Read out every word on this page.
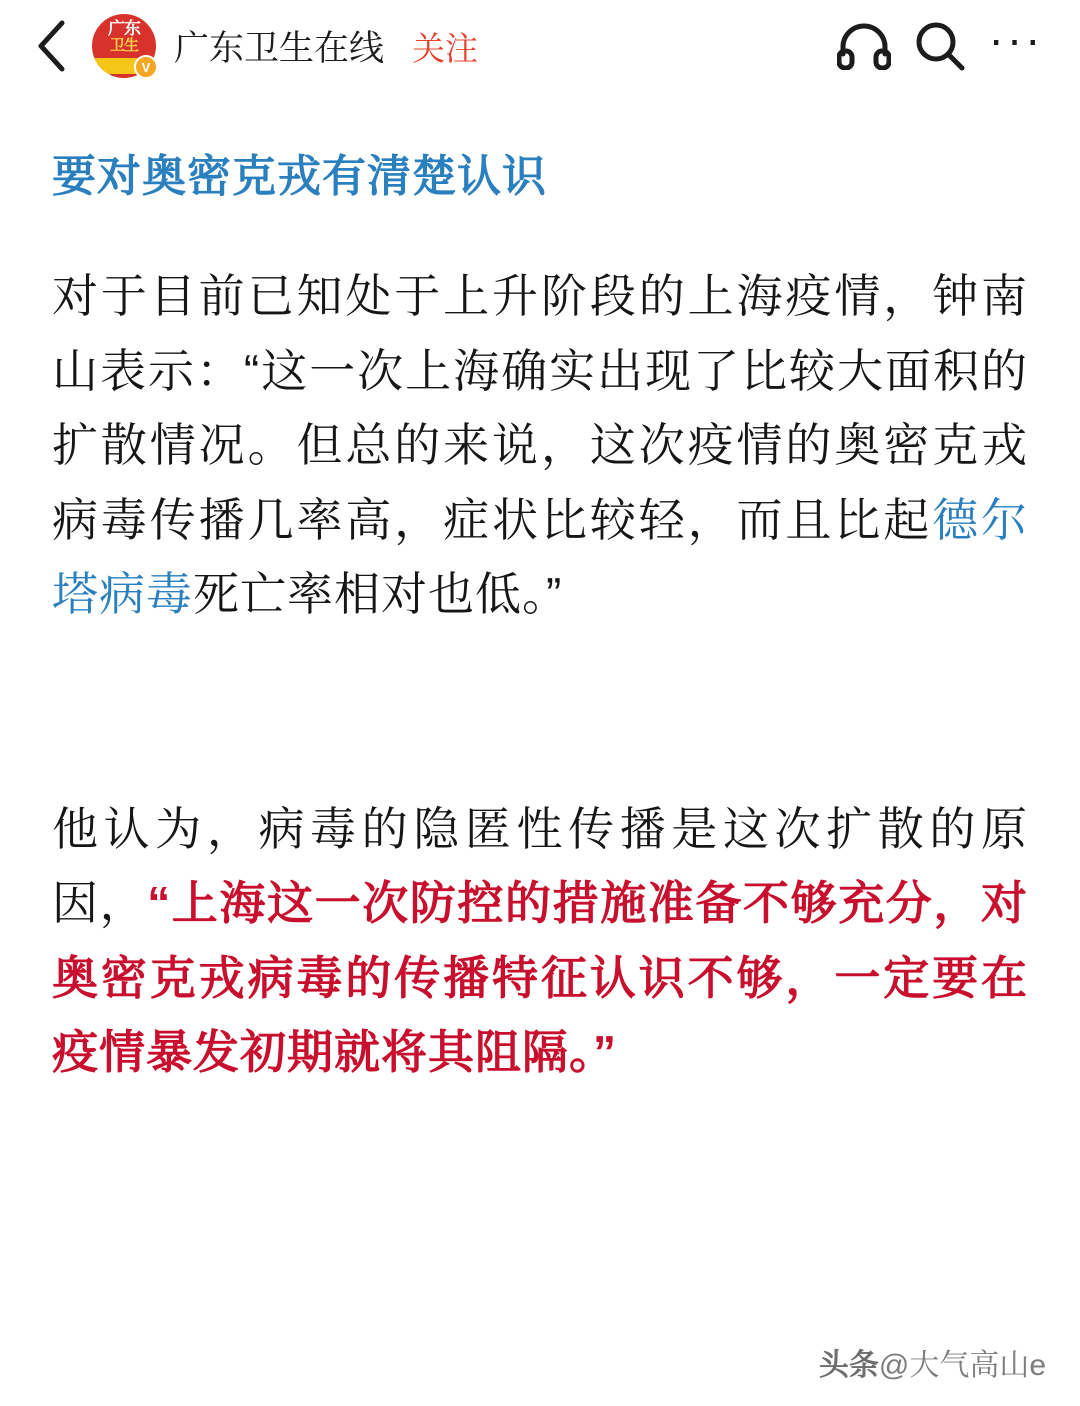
广东
卫生
V 广东卫生在线 关注	···
要对奥密克戎有清楚认识

对于目前已知处于上升阶段的上海疫情，钟南山表示：“这一次上海确实出现了比较大面积的扩散情况。但总的来说，这次疫情的奥密克戎病毒传播几率高，症状比较轻，而且比起德尔塔病毒死亡率相对也低。”

他认为，病毒的隐匿性传播是这次扩散的原因，“上海这一次防控的措施准备不够充分，对奥密克戎病毒的传播特征认识不够，一定要在疫情暴发初期就将其阻隔。”

头条@大气高山e
